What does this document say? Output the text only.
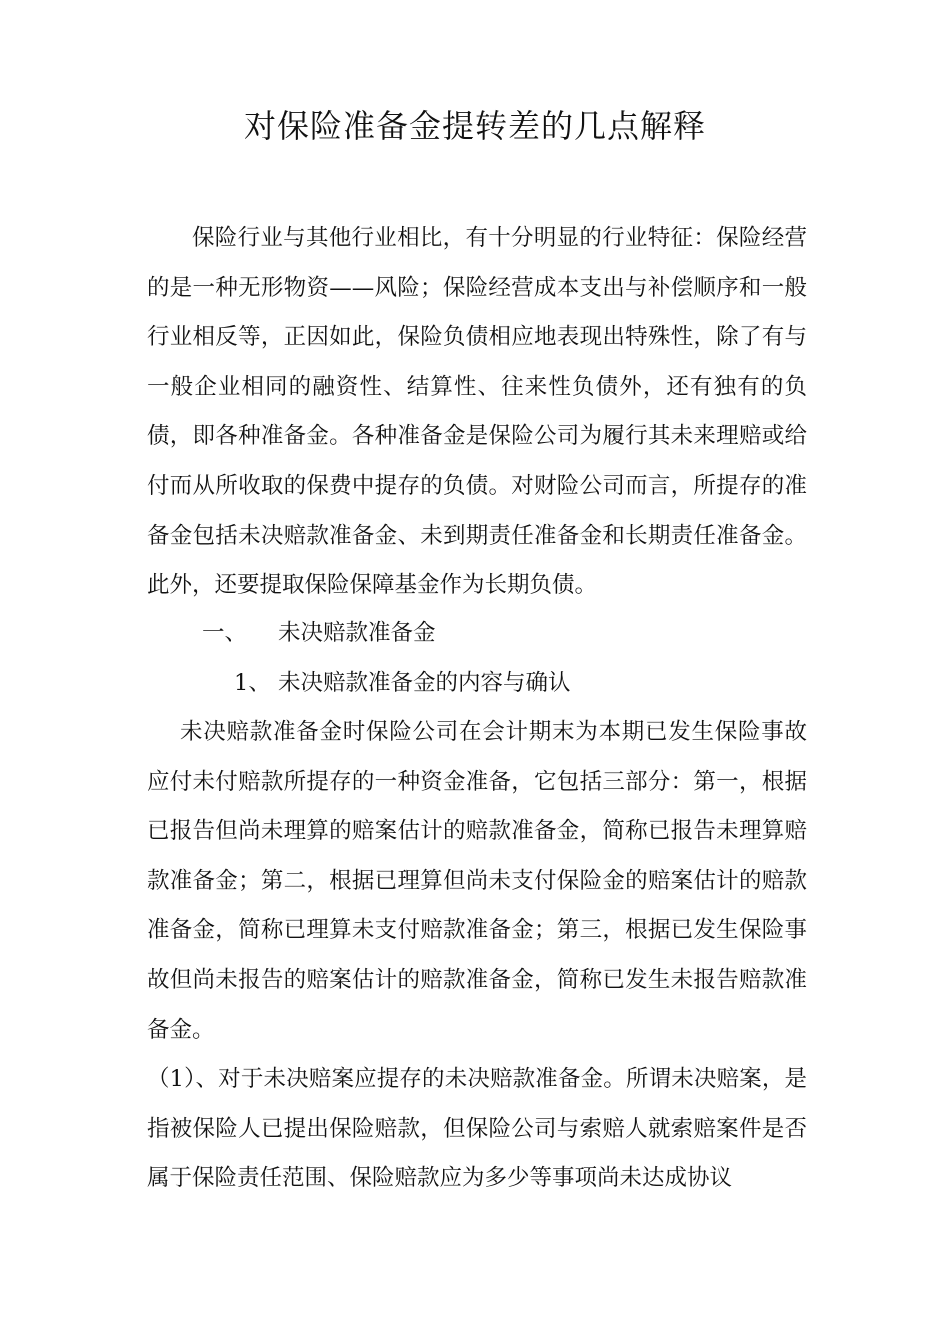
对保险准备金提转差的几点解释

保险行业与其他行业相比，有十分明显的行业特征：保险经营的是一种无形物资——风险；保险经营成本支出与补偿顺序和一般行业相反等，正因如此，保险负债相应地表现出特殊性，除了有与一般企业相同的融资性、结算性、往来性负债外，还有独有的负债，即各种准备金。各种准备金是保险公司为履行其未来理赔或给付而从所收取的保费中提存的负债。对财险公司而言，所提存的准备金包括未决赔款准备金、未到期责任准备金和长期责任准备金。此外，还要提取保险保障基金作为长期负债。

一、 未决赔款准备金
1、 未决赔款准备金的内容与确认

未决赔款准备金时保险公司在会计期末为本期已发生保险事故应付未付赔款所提存的一种资金准备，它包括三部分：第一，根据已报告但尚未理算的赔案估计的赔款准备金，简称已报告未理算赔款准备金；第二，根据已理算但尚未支付保险金的赔案估计的赔款准备金，简称已理算未支付赔款准备金；第三，根据已发生保险事故但尚未报告的赔案估计的赔款准备金，简称已发生未报告赔款准备金。

（1）、对于未决赔案应提存的未决赔款准备金。所谓未决赔案，是指被保险人已提出保险赔款，但保险公司与索赔人就索赔案件是否属于保险责任范围、保险赔款应为多少等事项尚未达成协议
